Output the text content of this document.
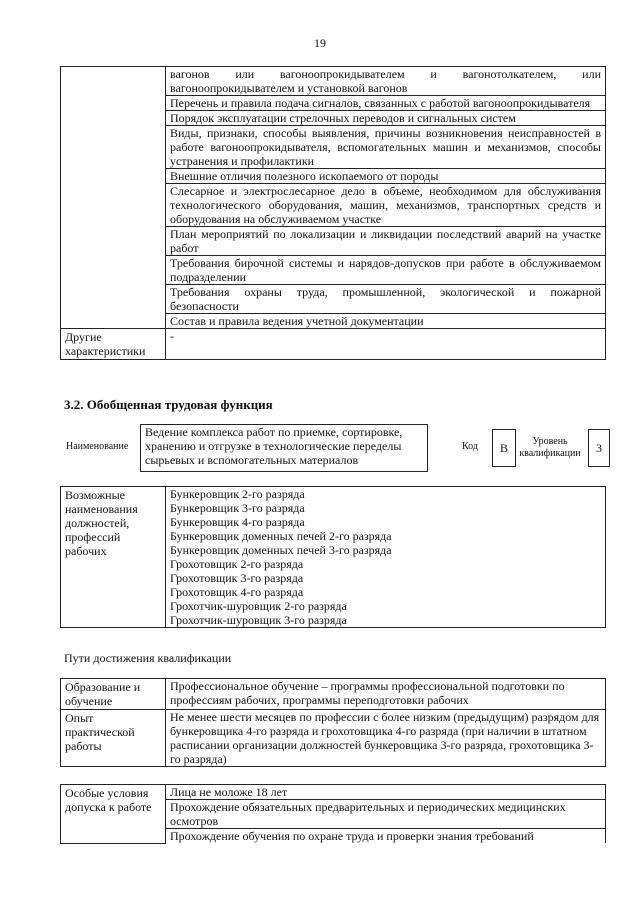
19
	вагонов или вагоноопрокидывателем и вагонотолкателем, или вагоноопрокидывателем и установкой вагонов
	Перечень и правила подача сигналов, связанных с работой вагоноопрокидывателя
	Порядок эксплуатации стрелочных переводов и сигнальных систем
	Виды, признаки, способы выявления, причины возникновения неисправностей в работе вагоноопрокидывателя, вспомогательных машин и механизмов, способы устранения и профилактики
	Внешние отличия полезного ископаемого от породы
	Слесарное и электрослесарное дело в объеме, необходимом для обслуживания технологического оборудования, машин, механизмов, транспортных средств и оборудования на обслуживаемом участке
	План мероприятий по локализации и ликвидации последствий аварий на участке работ
	Требования бирочной системы и нарядов-допусков при работе в обслуживаемом подразделении
	Требования охраны труда, промышленной, экологической и пожарной безопасности
	Состав и правила ведения учетной документации
Другие характеристики	-
3.2. Обобщенная трудовая функция
Наименование
Ведение комплекса работ по приемке, сортировке, хранению и отгрузке в технологические переделы сырьевых и вспомогательных материалов
Код	В	Уровень квалификации	3
Возможные наименования должностей, профессий рабочих	
Бункеровщик 2-го разряда
Бункеровщик 3-го разряда
Бункеровщик 4-го разряда
Бункеровщик доменных печей 2-го разряда
Бункеровщик доменных печей 3-го разряда
Грохотовщик 2-го разряда
Грохотовщик 3-го разряда
Грохотовщик 4-го разряда
Грохотчик-шуровщик 2-го разряда
Грохотчик-шуровщик 3-го разряда
Пути достижения квалификации
Образование и обучение	Профессиональное обучение – программы профессиональной подготовки по профессиям рабочих, программы переподготовки рабочих
Опыт практической работы	Не менее шести месяцев по профессии с более низким (предыдущим) разрядом для бункеровщика 4-го разряда и грохотовщика 4-го разряда (при наличии в штатном расписании организации должностей бункеровщика 3-го разряда, грохотовщика 3-го разряда)
Особые условия допуска к работе	Лица не моложе 18 лет
Прохождение обязательных предварительных и периодических медицинских осмотров
Прохождение обучения по охране труда и проверки знания требований
